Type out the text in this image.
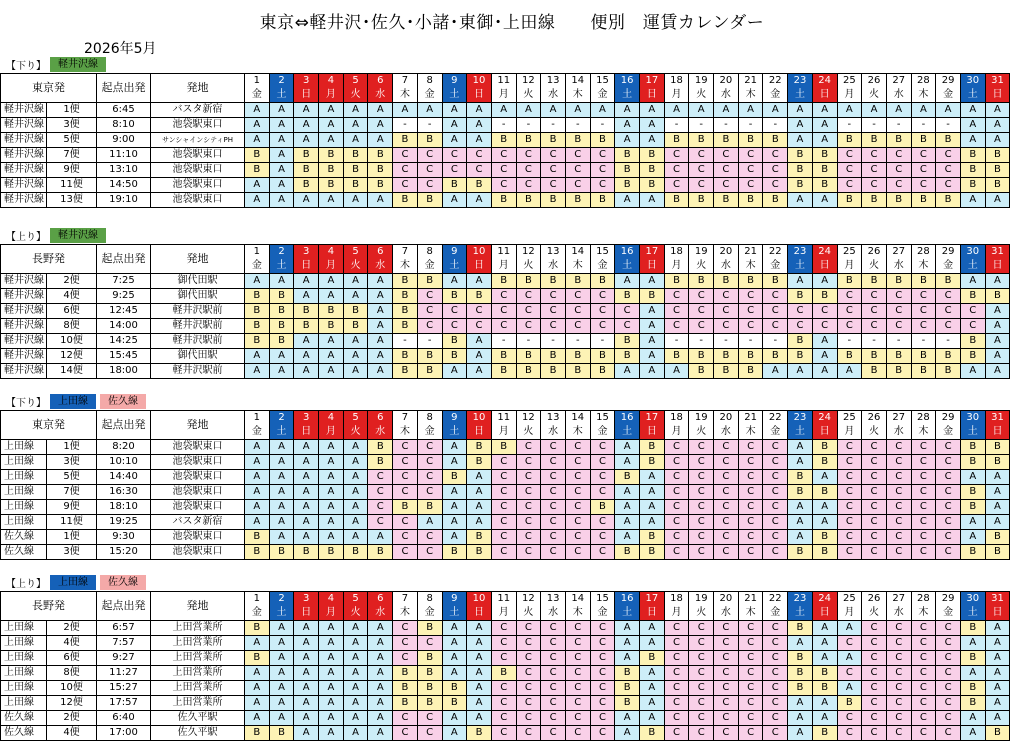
東京⇔軽井沢･佐久･小諸･東御･上田線　　便別　運賃カレンダー
2026年5月
【下り】	軽井沢線
東京発		起点出発	発地	1	2	3	4	5	6	7	8	9	10	11	12	13	14	15	16	17	18	19	20	21	22	23	24	25	26	27	28	29	30	31
				金	土	日	月	火	水	木	金	土	日	月	火	水	木	金	土	日	月	火	水	木	金	土	日	月	火	水	木	金	土	日
軽井沢線	1便	6:45	バスタ新宿	A	A	A	A	A	A	A	A	A	A	A	A	A	A	A	A	A	A	A	A	A	A	A	A	A	A	A	A	A	A	A
軽井沢線	3便	8:10	池袋駅東口	A	A	A	A	A	A	-	-	A	A	-	-	-	-	-	A	A	-	-	-	-	-	A	A	-	-	-	-	-	A	A
軽井沢線	5便	9:00	サンシャインシティPH	A	A	A	A	A	A	B	B	A	A	B	B	B	B	B	A	A	B	B	B	B	B	A	A	B	B	B	B	B	A	A
軽井沢線	7便	11:10	池袋駅東口	B	A	B	B	B	B	C	C	C	C	C	C	C	C	C	B	B	C	C	C	C	C	B	B	C	C	C	C	C	B	B
軽井沢線	9便	13:10	池袋駅東口	B	A	B	B	B	B	C	C	C	C	C	C	C	C	C	B	B	C	C	C	C	C	B	B	C	C	C	C	C	B	B
軽井沢線	11便	14:50	池袋駅東口	A	A	B	B	B	B	C	C	B	B	C	C	C	C	C	B	B	C	C	C	C	C	B	B	C	C	C	C	C	B	B
軽井沢線	13便	19:10	池袋駅東口	A	A	A	A	A	A	B	B	A	A	B	B	B	B	B	A	A	B	B	B	B	B	A	A	B	B	B	B	B	A	A
【上り】	軽井沢線
長野発		起点出発	発地	1	2	3	4	5	6	7	8	9	10	11	12	13	14	15	16	17	18	19	20	21	22	23	24	25	26	27	28	29	30	31
				金	土	日	月	火	水	木	金	土	日	月	火	水	木	金	土	日	月	火	水	木	金	土	日	月	火	水	木	金	土	日
軽井沢線	2便	7:25	御代田駅	A	A	A	A	A	A	B	B	A	A	B	B	B	B	B	A	A	B	B	B	B	B	A	A	B	B	B	B	B	A	A
軽井沢線	4便	9:25	御代田駅	B	B	A	A	A	A	B	C	B	B	C	C	C	C	C	B	B	C	C	C	C	C	B	B	C	C	C	C	C	B	B
軽井沢線	6便	12:45	軽井沢駅前	B	B	B	B	B	A	B	C	C	C	C	C	C	C	C	C	A	C	C	C	C	C	C	C	C	C	C	C	C	C	A
軽井沢線	8便	14:00	軽井沢駅前	B	B	B	B	B	A	B	C	C	C	C	C	C	C	C	C	A	C	C	C	C	C	C	C	C	C	C	C	C	C	A
軽井沢線	10便	14:25	軽井沢駅前	B	B	A	A	A	A	-	-	B	A	-	-	-	-	-	B	A	-	-	-	-	-	B	A	-	-	-	-	-	B	A
軽井沢線	12便	15:45	御代田駅	A	A	A	A	A	A	B	B	B	A	B	B	B	B	B	B	A	B	B	B	B	B	B	A	B	B	B	B	B	B	A
軽井沢線	14便	18:00	軽井沢駅前	A	A	A	A	A	A	B	B	A	A	B	B	B	B	B	A	A	A	B	B	B	A	A	A	A	B	B	B	B	A	A
【下り】	上田線	佐久線
東京発		起点出発	発地	1	2	3	4	5	6	7	8	9	10	11	12	13	14	15	16	17	18	19	20	21	22	23	24	25	26	27	28	29	30	31
				金	土	日	月	火	水	木	金	土	日	月	火	水	木	金	土	日	月	火	水	木	金	土	日	月	火	水	木	金	土	日
上田線	1便	8:20	池袋駅東口	A	A	A	A	A	B	C	C	A	B	B	C	C	C	C	A	B	C	C	C	C	C	A	B	C	C	C	C	C	B	B
上田線	3便	10:10	池袋駅東口	A	A	A	A	A	B	C	C	A	B	C	C	C	C	C	A	B	C	C	C	C	C	A	B	C	C	C	C	C	B	B
上田線	5便	14:40	池袋駅東口	A	A	A	A	A	C	C	C	B	A	C	C	C	C	C	B	A	C	C	C	C	C	B	A	C	C	C	C	C	A	A
上田線	7便	16:30	池袋駅東口	A	A	A	A	A	C	C	C	A	A	C	C	C	C	C	A	A	C	C	C	C	C	B	B	C	C	C	C	C	B	A
上田線	9便	18:10	池袋駅東口	A	A	A	A	A	C	B	B	A	A	C	C	C	C	B	A	A	C	C	C	C	C	A	A	C	C	C	C	C	B	A
上田線	11便	19:25	バスタ新宿	A	A	A	A	A	C	C	A	A	A	C	C	C	C	C	A	A	C	C	C	C	C	A	A	C	C	C	C	C	A	A
佐久線	1便	9:30	池袋駅東口	B	A	A	A	A	A	C	C	A	B	C	C	C	C	C	A	B	C	C	C	C	C	A	B	C	C	C	C	C	A	B
佐久線	3便	15:20	池袋駅東口	B	B	B	B	B	B	C	C	B	B	C	C	C	C	C	B	B	C	C	C	C	C	B	B	C	C	C	C	C	B	B
【上り】	上田線	佐久線
長野発		起点出発	発地	1	2	3	4	5	6	7	8	9	10	11	12	13	14	15	16	17	18	19	20	21	22	23	24	25	26	27	28	29	30	31
				金	土	日	月	火	水	木	金	土	日	月	火	水	木	金	土	日	月	火	水	木	金	土	日	月	火	水	木	金	土	日
上田線	2便	6:57	上田営業所	B	A	A	A	A	A	C	B	A	A	C	C	C	C	C	A	A	C	C	C	C	C	B	A	A	C	C	C	C	B	A
上田線	4便	7:57	上田営業所	A	A	A	A	A	A	C	C	A	A	C	C	C	C	C	A	A	C	C	C	C	C	A	A	C	C	C	C	C	A	A
上田線	6便	9:27	上田営業所	B	A	A	A	A	A	C	B	A	A	C	C	C	C	C	A	B	C	C	C	C	C	B	A	A	C	C	C	C	B	A
上田線	8便	11:27	上田営業所	A	A	A	A	A	A	B	B	A	A	B	C	C	C	C	B	A	C	C	C	C	C	B	B	C	C	C	C	C	A	A
上田線	10便	15:27	上田営業所	A	A	A	A	A	A	B	B	B	A	C	C	C	C	C	B	A	C	C	C	C	C	B	B	A	C	C	C	C	B	A
上田線	12便	17:57	上田営業所	A	A	A	A	A	A	B	B	B	A	C	C	C	C	C	B	A	C	C	C	C	C	A	A	B	C	C	C	C	B	A
佐久線	2便	6:40	佐久平駅	A	A	A	A	A	A	C	C	A	A	C	C	C	C	C	A	A	C	C	C	C	C	A	A	C	C	C	C	C	A	A
佐久線	4便	17:00	佐久平駅	B	B	A	A	A	A	C	C	A	B	C	C	C	C	C	A	B	C	C	C	C	C	A	B	C	C	C	C	C	A	B
